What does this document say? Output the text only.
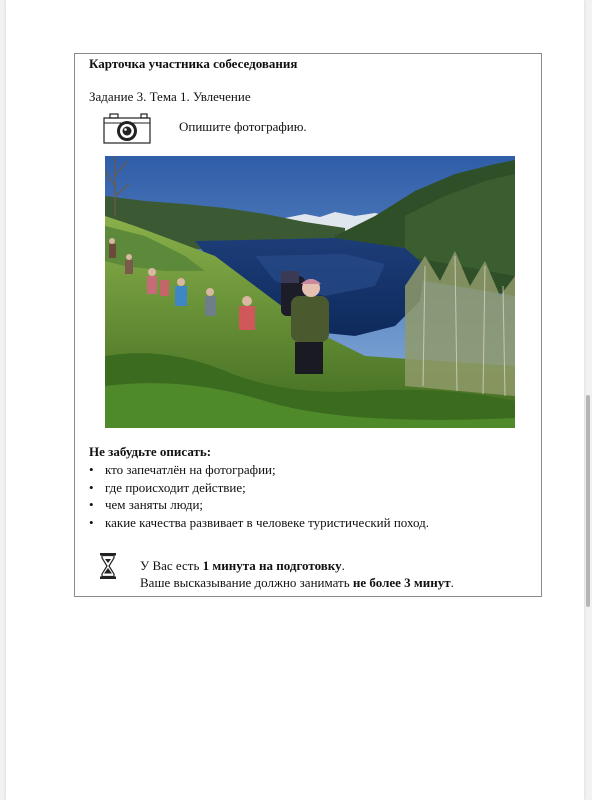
Карточка участника собеседования
Задание 3. Тема 1. Увлечение
Опишите фотографию.
Не забудьте описать:
• кто запечатлён на фотографии;
• где происходит действие;
• чем заняты люди;
• какие качества развивает в человеке туристический поход.
У Вас есть 1 минута на подготовку.
Ваше высказывание должно занимать не более 3 минут.
